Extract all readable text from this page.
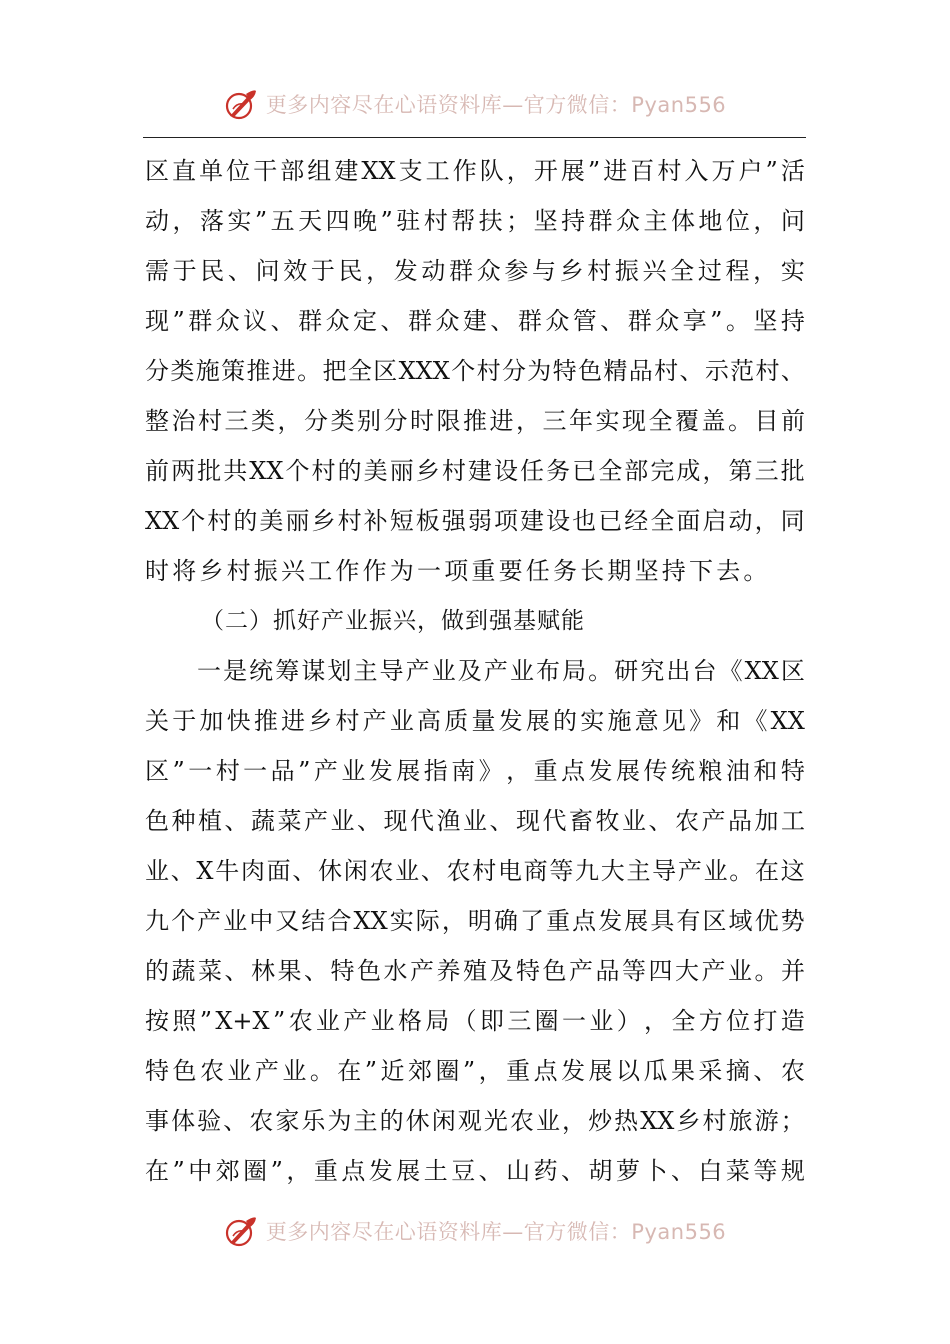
更多内容尽在心语资料库—官方微信：Pyan556
区 直 单 位 干 部 组 建 XX 支 工 作 队 ， 开 展 ” 进 百 村 入 万 户 ” 活
动 ， 落 实 ” 五 天 四 晚 ” 驻 村 帮 扶 ； 坚 持 群 众 主 体 地 位 ， 问
需 于 民 、 问 效 于 民 ， 发 动 群 众 参 与 乡 村 振 兴 全 过 程 ， 实
现 ” 群 众 议 、 群 众 定 、 群 众 建 、 群 众 管 、 群 众 享 ” 。 坚 持
分 类 施 策 推 进 。 把 全 区 XXX 个 村 分 为 特 色 精 品 村 、 示 范 村 、
整 治 村 三 类 ， 分 类 别 分 时 限 推 进 ， 三 年 实 现 全 覆 盖 。 目 前
前 两 批 共 XX 个 村 的 美 丽 乡 村 建 设 任 务 已 全 部 完 成 ， 第 三 批
XX 个 村 的 美 丽 乡 村 补 短 板 强 弱 项 建 设 也 已 经 全 面 启 动 ， 同
时将乡村振兴工作作为一项重要任务长期坚持下去。
（二）抓好产业振兴，做到强基赋能
一 是 统 筹 谋 划 主 导 产 业 及 产 业 布 局 。 研 究 出 台 《 XX 区
关 于 加 快 推 进 乡 村 产 业 高 质 量 发 展 的 实 施 意 见 》 和 《 XX
区 ” 一 村 一 品 ” 产 业 发 展 指 南 》 ， 重 点 发 展 传 统 粮 油 和 特
色 种 植 、 蔬 菜 产 业 、 现 代 渔 业 、 现 代 畜 牧 业 、 农 产 品 加 工
业 、 X 牛 肉 面 、 休 闲 农 业 、 农 村 电 商 等 九 大 主 导 产 业 。 在 这
九 个 产 业 中 又 结 合 XX 实 际 ， 明 确 了 重 点 发 展 具 有 区 域 优 势
的 蔬 菜 、 林 果 、 特 色 水 产 养 殖 及 特 色 产 品 等 四 大 产 业 。 并
按 照 ” X+X ” 农 业 产 业 格 局 （ 即 三 圈 一 业 ） ， 全 方 位 打 造
特 色 农 业 产 业 。 在 ” 近 郊 圈 ” ， 重 点 发 展 以 瓜 果 采 摘 、 农
事 体 验 、 农 家 乐 为 主 的 休 闲 观 光 农 业 ， 炒 热 XX 乡 村 旅 游 ；
在 ” 中 郊 圈 ” ， 重 点 发 展 土 豆 、 山 药 、 胡 萝 卜 、 白 菜 等 规
更多内容尽在心语资料库—官方微信：Pyan556
